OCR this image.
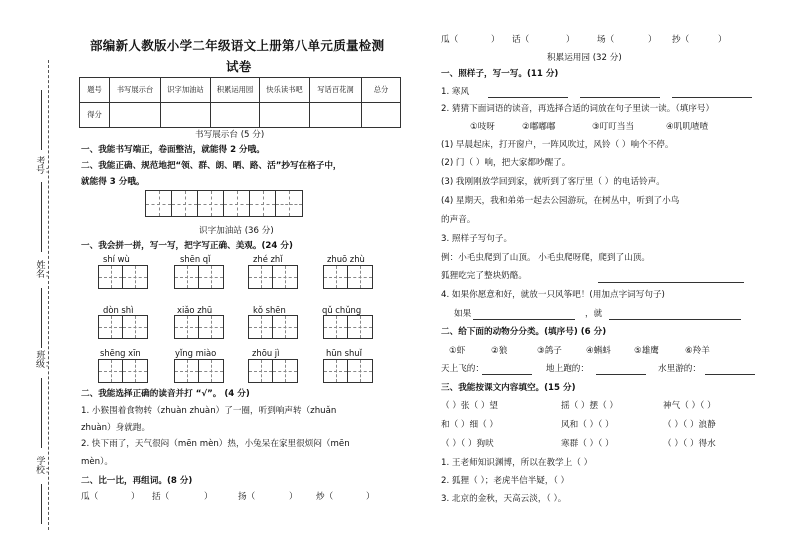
考号：
姓名：
班级：
学校：
部编新人教版小学二年级语文上册第八单元质量检测
试卷
题号	书写展示台	识字加油站	积累运用园	快乐读书吧	写话百花洞	总分
得分						
书写展示台 (5 分)
一、我能书写端正，卷面整洁，就能得 2 分哦。
二、我能正确、规范地把“领、群、朗、晒、路、活”抄写在格子中，
就能得 3 分哦。
识字加油站 (36 分)
一、我会拼一拼，写一写，把字写正确、美观。(24 分)
shí wù	shēn qǐ	zhé zhǐ	zhuō zhù
dòn shì	xiǎo zhū	kǒ shēn	qǔ chǔng
shēng xīn	yǐng miào	zhōu jì	hūn shuǐ
二、我能选择正确的读音并打 “√”。 (4 分)
1. 小猴围着食物转（zhuàn zhuàn）了一圈，听到响声转（zhuǎn
zhuàn）身就跑。
2. 快下雨了，天气很闷（mēn mèn）热，小兔呆在家里很烦闷（mēn
mèn）。
二、比一比，再组词。(8 分)
瓜（	） 括（	）	扬（	） 炒（	）
瓜（	） 话（	）	场（	） 抄（	）
积累运用园 (32 分)
一、照样子，写一写。(11 分)
1. 寒风
2. 猜猜下面词语的读音，再选择合适的词放在句子里读一读。（填序号）
①吱呀	②嘟嘟嘟	③叮叮当当	④叽叽喳喳
(1) 早晨起床，打开窗户，一阵风吹过，风铃（ ）响个不停。
(2) 门（ ）响，把大家都吵醒了。
(3) 我刚刚放学回到家，就听到了客厅里（ ）的电话铃声。
(4) 星期天，我和弟弟一起去公园游玩，在树丛中，听到了小鸟
的声音。
3. 照样子写句子。
例：小毛虫爬到了山顶。 小毛虫爬呀爬，爬到了山顶。
狐狸吃完了整块奶酪。
4. 如果你愿意和好，就放一只风筝吧！(用加点字词写句子)
如果	，就
二、给下面的动物分分类。(填序号) (6 分)
①虾	②狼	③鸽子	④蝌蚪	⑤雄鹰	⑥羚羊
天上飞的：	地上跑的：	水里游的：
三、我能按课文内容填空。(15 分)
（ ）张（ ）望	揺（ ）摆（ ）	神气（ ）（ ）
和（ ）细（ ）	风和（ ）（ ）	（ ）（ ）浪静
（ ）（ ）狗吠	寒群（ ）（ ）	（ ）（ ）得水
1. 王老师知识渊博，所以在教学上（ ）
2. 狐狸（ ）；老虎半信半疑，（ ）
3. 北京的金秋，天高云淡，（ ）。
